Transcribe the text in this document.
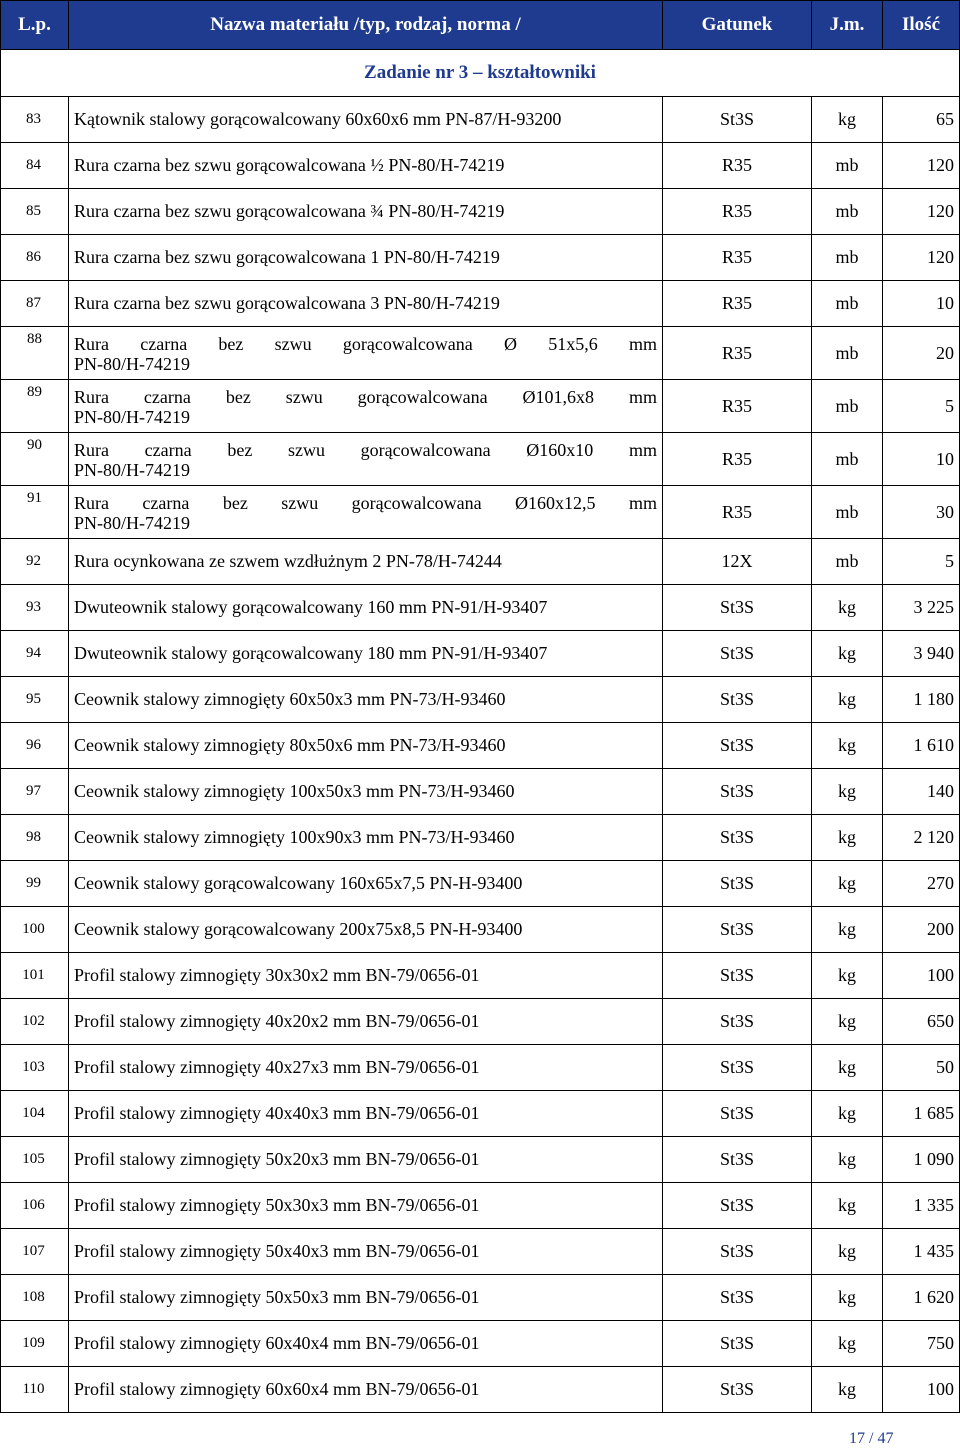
L.p.	Nazwa materiału /typ, rodzaj, norma /	Gatunek	J.m.	Ilość
Zadanie nr 3 – kształtowniki				
83	Kątownik stalowy gorącowalcowany 60x60x6 mm PN-87/H-93200	St3S	kg	65
84	Rura czarna bez szwu gorącowalcowana ½ PN-80/H-74219	R35	mb	120
85	Rura czarna bez szwu gorącowalcowana ¾ PN-80/H-74219	R35	mb	120
86	Rura czarna bez szwu gorącowalcowana 1 PN-80/H-74219	R35	mb	120
87	Rura czarna bez szwu gorącowalcowana 3 PN-80/H-74219	R35	mb	10
88	Rura czarna bez szwu gorącowalcowana Ø 51x5,6 mm
PN-80/H-74219	R35	mb	20
89	Rura czarna bez szwu gorącowalcowana Ø101,6x8 mm
PN-80/H-74219	R35	mb	5
90	Rura czarna bez szwu gorącowalcowana Ø160x10 mm
PN-80/H-74219	R35	mb	10
91	Rura czarna bez szwu gorącowalcowana Ø160x12,5 mm
PN-80/H-74219	R35	mb	30
92	Rura ocynkowana ze szwem wzdłużnym 2 PN-78/H-74244	12X	mb	5
93	Dwuteownik stalowy gorącowalcowany 160 mm PN-91/H-93407	St3S	kg	3 225
94	Dwuteownik stalowy gorącowalcowany 180 mm PN-91/H-93407	St3S	kg	3 940
95	Ceownik stalowy zimnogięty 60x50x3 mm PN-73/H-93460	St3S	kg	1 180
96	Ceownik stalowy zimnogięty 80x50x6 mm PN-73/H-93460	St3S	kg	1 610
97	Ceownik stalowy zimnogięty 100x50x3 mm PN-73/H-93460	St3S	kg	140
98	Ceownik stalowy zimnogięty 100x90x3 mm PN-73/H-93460	St3S	kg	2 120
99	Ceownik stalowy gorącowalcowany 160x65x7,5 PN-H-93400	St3S	kg	270
100	Ceownik stalowy gorącowalcowany 200x75x8,5 PN-H-93400	St3S	kg	200
101	Profil stalowy zimnogięty 30x30x2 mm BN-79/0656-01	St3S	kg	100
102	Profil stalowy zimnogięty 40x20x2 mm BN-79/0656-01	St3S	kg	650
103	Profil stalowy zimnogięty 40x27x3 mm BN-79/0656-01	St3S	kg	50
104	Profil stalowy zimnogięty 40x40x3 mm BN-79/0656-01	St3S	kg	1 685
105	Profil stalowy zimnogięty 50x20x3 mm BN-79/0656-01	St3S	kg	1 090
106	Profil stalowy zimnogięty 50x30x3 mm BN-79/0656-01	St3S	kg	1 335
107	Profil stalowy zimnogięty 50x40x3 mm BN-79/0656-01	St3S	kg	1 435
108	Profil stalowy zimnogięty 50x50x3 mm BN-79/0656-01	St3S	kg	1 620
109	Profil stalowy zimnogięty 60x40x4 mm BN-79/0656-01	St3S	kg	750
110	Profil stalowy zimnogięty 60x60x4 mm BN-79/0656-01	St3S	kg	100
17 / 47
